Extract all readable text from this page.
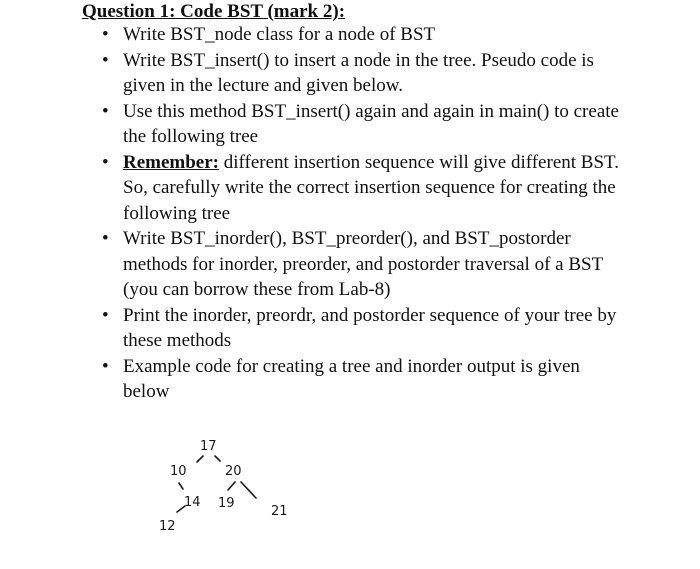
Question 1: Code BST (mark 2):
• Write BST_node class for a node of BST
• Write BST_insert() to insert a node in the tree. Pseudo code is given in the lecture and given below.
• Use this method BST_insert() again and again in main() to create the following tree
• Remember: different insertion sequence will give different BST. So, carefully write the correct insertion sequence for creating the following tree
• Write BST_inorder(), BST_preorder(), and BST_postorder methods for inorder, preorder, and postorder traversal of a BST (you can borrow these from Lab-8)
• Print the inorder, preordr, and postorder sequence of your tree by these methods
• Example code for creating a tree and inorder output is given below
17
10	20
14 19
21
12
